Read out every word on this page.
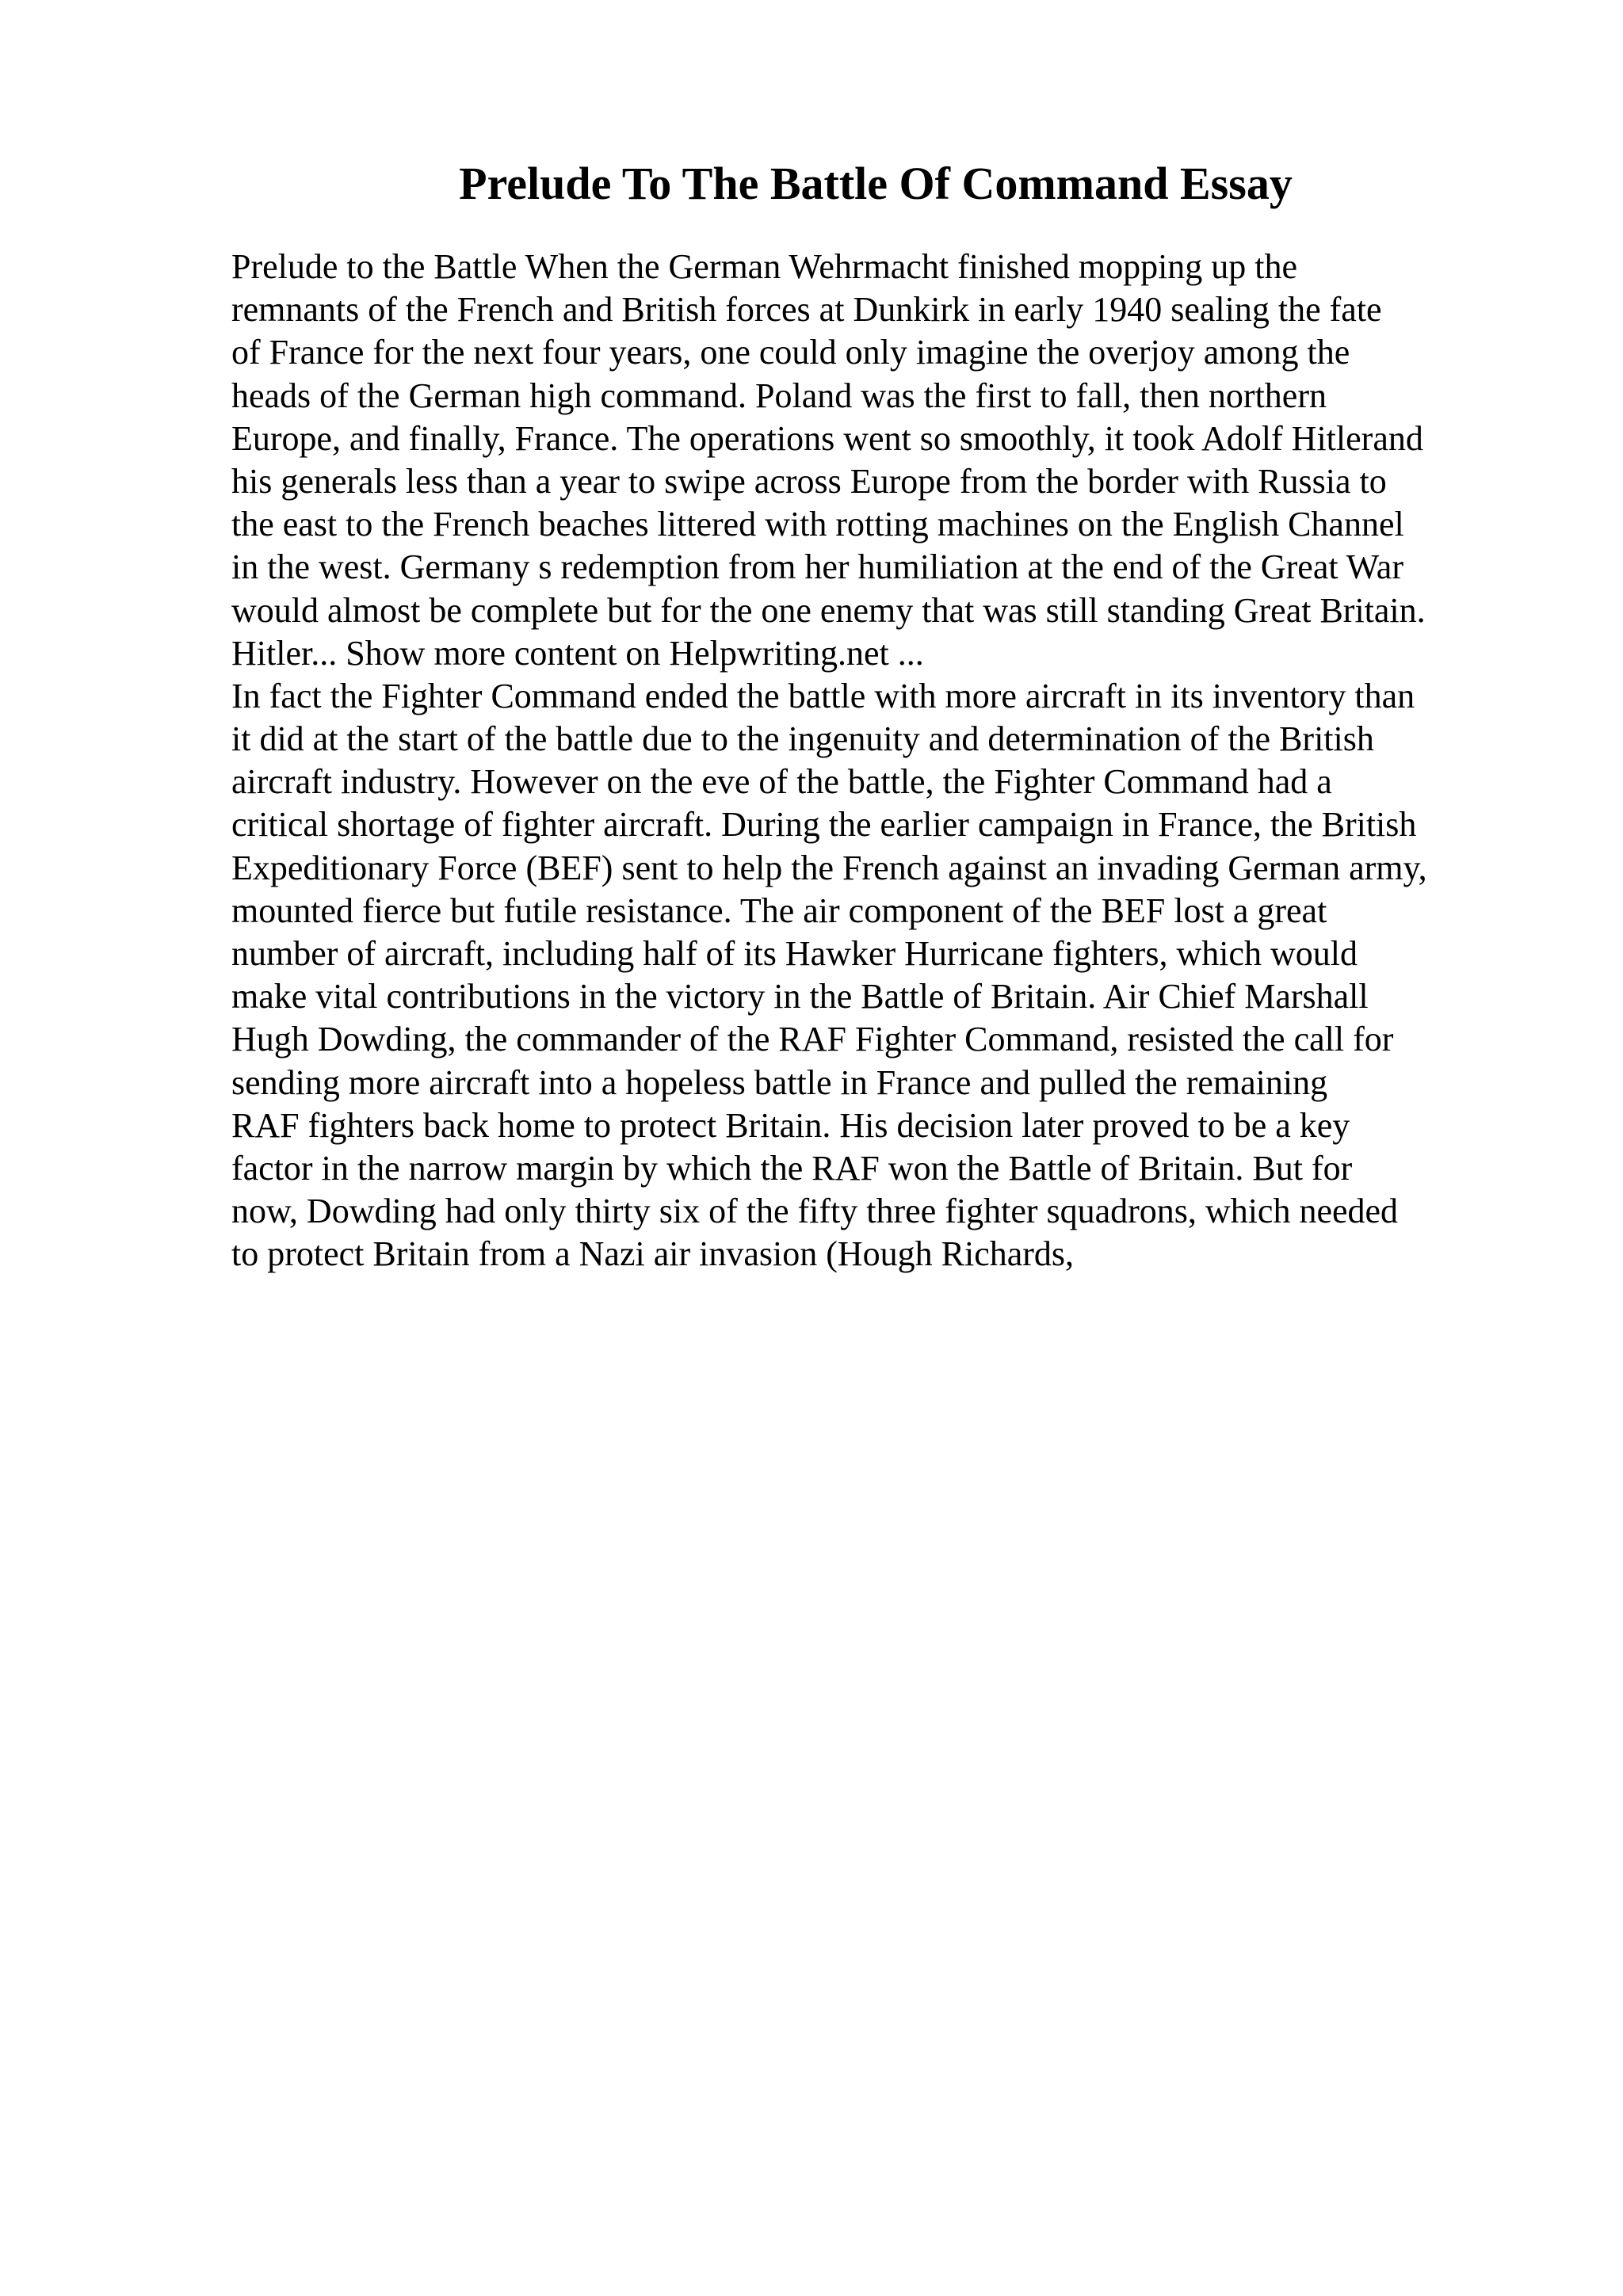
Prelude To The Battle Of Command Essay
Prelude to the Battle When the German Wehrmacht finished mopping up the
remnants of the French and British forces at Dunkirk in early 1940 sealing the fate
of France for the next four years, one could only imagine the overjoy among the
heads of the German high command. Poland was the first to fall, then northern
Europe, and finally, France. The operations went so smoothly, it took Adolf Hitlerand
his generals less than a year to swipe across Europe from the border with Russia to
the east to the French beaches littered with rotting machines on the English Channel
in the west. Germany s redemption from her humiliation at the end of the Great War
would almost be complete but for the one enemy that was still standing Great Britain.
Hitler... Show more content on Helpwriting.net ...
In fact the Fighter Command ended the battle with more aircraft in its inventory than
it did at the start of the battle due to the ingenuity and determination of the British
aircraft industry. However on the eve of the battle, the Fighter Command had a
critical shortage of fighter aircraft. During the earlier campaign in France, the British
Expeditionary Force (BEF) sent to help the French against an invading German army,
mounted fierce but futile resistance. The air component of the BEF lost a great
number of aircraft, including half of its Hawker Hurricane fighters, which would
make vital contributions in the victory in the Battle of Britain. Air Chief Marshall
Hugh Dowding, the commander of the RAF Fighter Command, resisted the call for
sending more aircraft into a hopeless battle in France and pulled the remaining
RAF fighters back home to protect Britain. His decision later proved to be a key
factor in the narrow margin by which the RAF won the Battle of Britain. But for
now, Dowding had only thirty six of the fifty three fighter squadrons, which needed
to protect Britain from a Nazi air invasion (Hough Richards,
